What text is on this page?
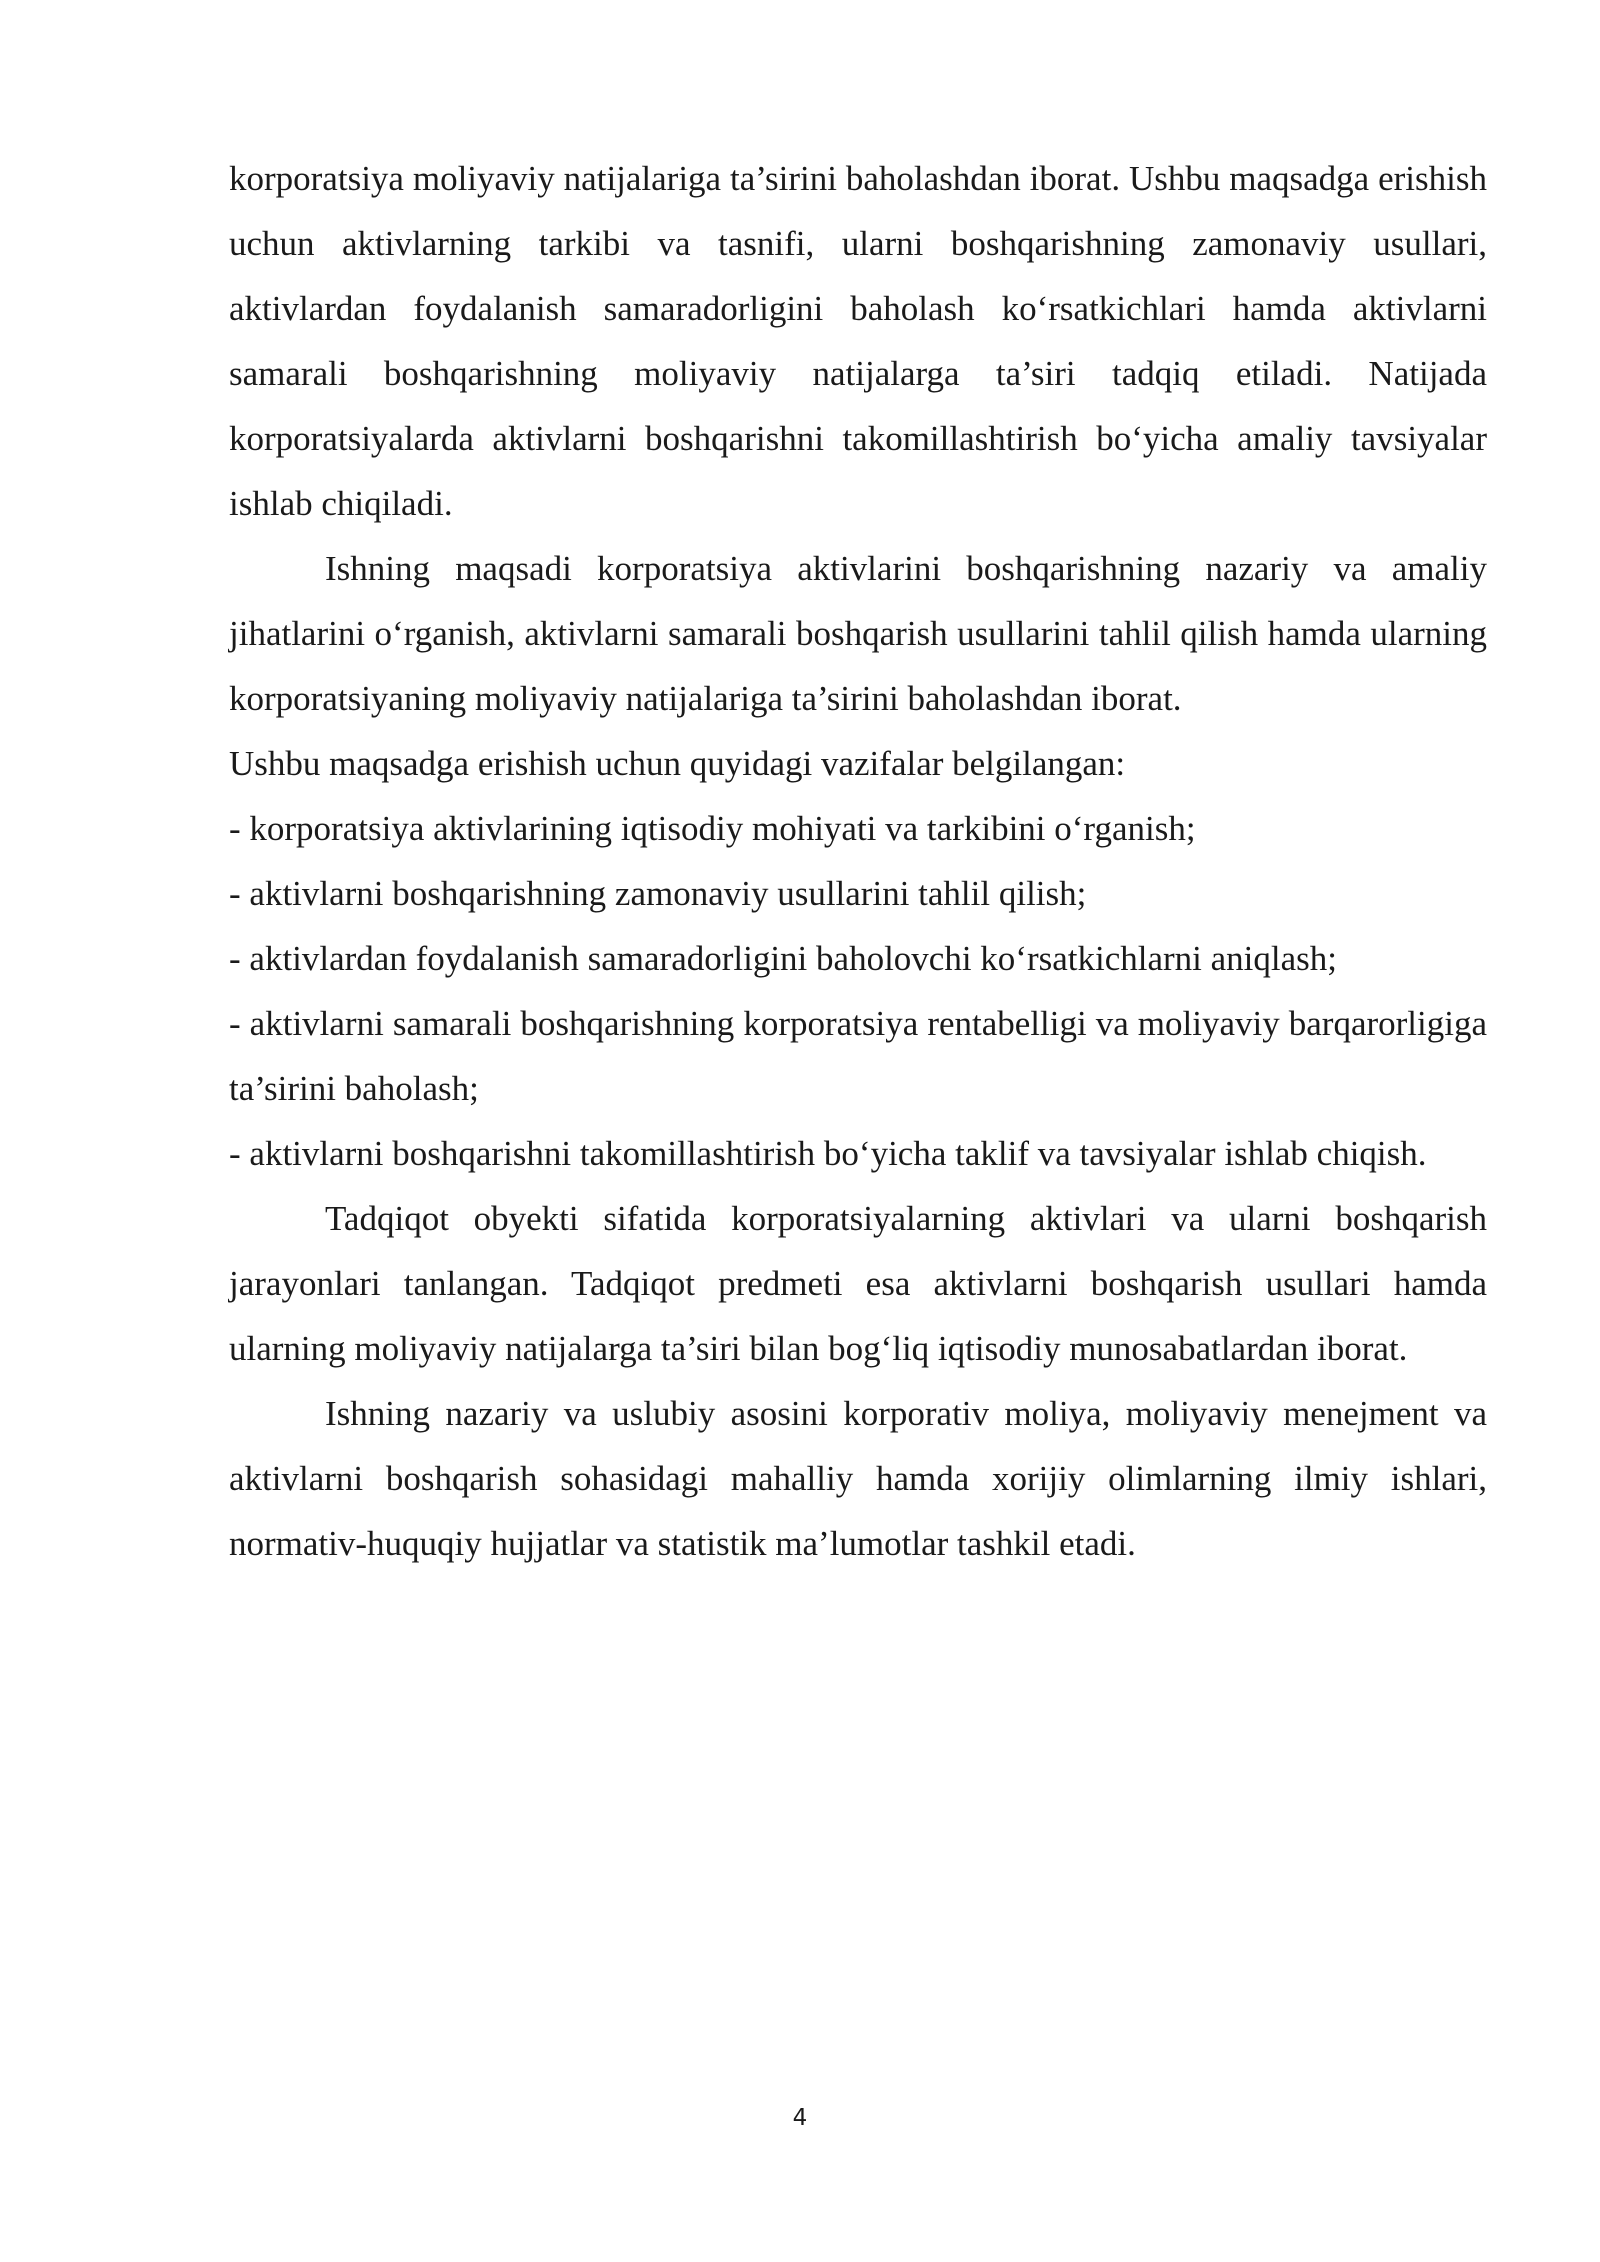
korporatsiya moliyaviy natijalariga ta’sirini baholashdan iborat. Ushbu maqsadga erishish uchun aktivlarning tarkibi va tasnifi, ularni boshqarishning zamonaviy usullari, aktivlardan foydalanish samaradorligini baholash ko‘rsatkichlari hamda aktivlarni samarali boshqarishning moliyaviy natijalarga ta’siri tadqiq etiladi. Natijada korporatsiyalarda aktivlarni boshqarishni takomillashtirish bo‘yicha amaliy tavsiyalar ishlab chiqiladi.

Ishning maqsadi korporatsiya aktivlarini boshqarishning nazariy va amaliy jihatlarini o‘rganish, aktivlarni samarali boshqarish usullarini tahlil qilish hamda ularning korporatsiyaning moliyaviy natijalariga ta’sirini baholashdan iborat.

Ushbu maqsadga erishish uchun quyidagi vazifalar belgilangan:

- korporatsiya aktivlarining iqtisodiy mohiyati va tarkibini o‘rganish;

- aktivlarni boshqarishning zamonaviy usullarini tahlil qilish;

- aktivlardan foydalanish samaradorligini baholovchi ko‘rsatkichlarni aniqlash;

- aktivlarni samarali boshqarishning korporatsiya rentabelligi va moliyaviy barqarorligiga ta’sirini baholash;

- aktivlarni boshqarishni takomillashtirish bo‘yicha taklif va tavsiyalar ishlab chiqish.

Tadqiqot obyekti sifatida korporatsiyalarning aktivlari va ularni boshqarish jarayonlari tanlangan. Tadqiqot predmeti esa aktivlarni boshqarish usullari hamda ularning moliyaviy natijalarga ta’siri bilan bog‘liq iqtisodiy munosabatlardan iborat.

Ishning nazariy va uslubiy asosini korporativ moliya, moliyaviy menejment va aktivlarni boshqarish sohasidagi mahalliy hamda xorijiy olimlarning ilmiy ishlari, normativ-huquqiy hujjatlar va statistik ma’lumotlar tashkil etadi.

4
